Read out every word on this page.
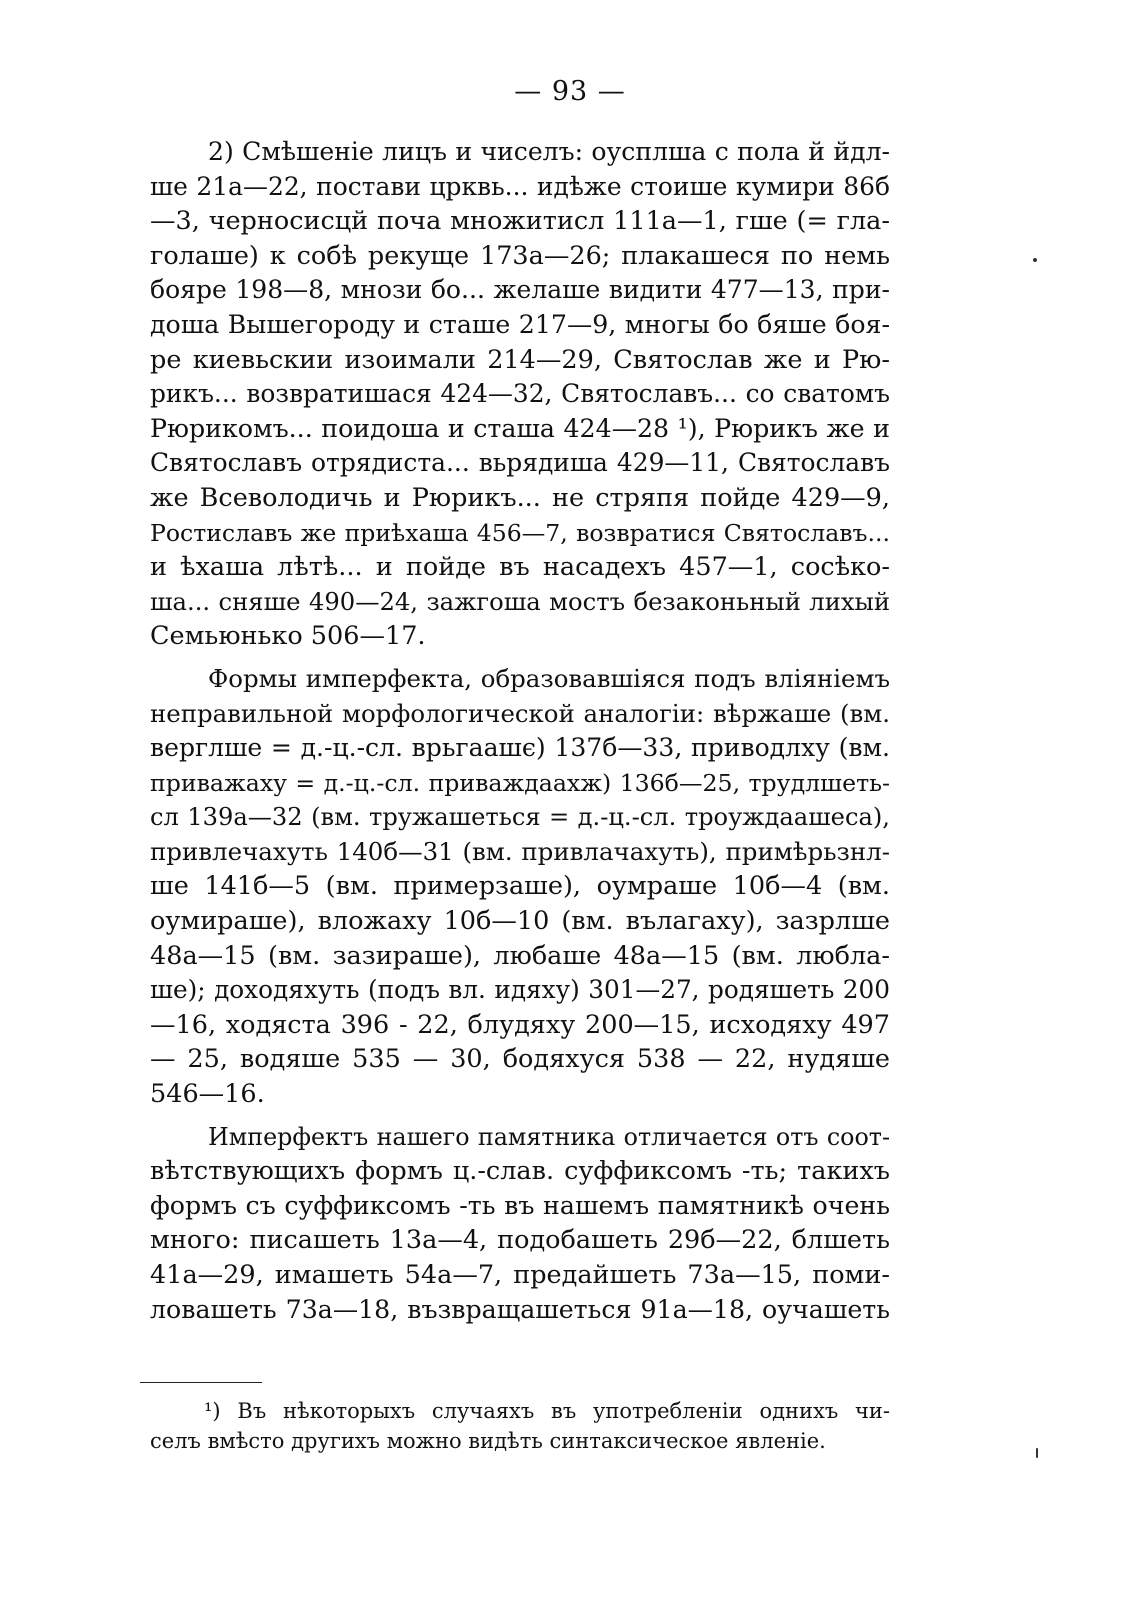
— 93 —
2) Смѣшеніе лицъ и чиселъ: оусплша с пола й йдл-
ше 21а—22, постави црквь... идѣже стоише кумири 86б
—3, черносисцй поча множитисл 111а—1, гше (= гла-
голаше) к собѣ рекуще 173а—26; плакашеся по немь
бояре 198—8, мнози бо... желаше видити 477—13, при-
доша Вышегороду и сташе 217—9, многы бо бяше боя-
ре киевьскии изоимали 214—29, Святослав же и Рю-
рикъ... возвратишася 424—32, Святославъ... со сватомъ
Рюрикомъ... поидоша и сташа 424—28 ¹), Рюрикъ же и
Святославъ отрядиста... вьрядиша 429—11, Святославъ
же Всеволодичь и Рюрикъ... не стряпя пойде 429—9,
Ростиславъ же приѣхаша 456—7, возвратися Святославъ...
и ѣхаша лѣтѣ... и пойде въ насадехъ 457—1, сосѣко-
ша... сняше 490—24, зажгоша мостъ безаконьный лихый
Семьюнько 506—17.
Формы имперфекта, образовавшіяся подъ вліяніемъ
неправильной морфологической аналогіи: вѣржаше (вм.
верглше = д.-ц.-сл. врьгаашє) 137б—33, приводлху (вм.
приважаху = д.-ц.-сл. приваждаахж) 136б—25, трудлшеть-
сл 139а—32 (вм. тружашеться = д.-ц.-сл. троуждаашеса),
привлечахуть 140б—31 (вм. привлачахуть), примѣрьзнл-
ше 141б—5 (вм. примерзаше), оумраше 10б—4 (вм.
оумираше), вложаху 10б—10 (вм. вълагаху), зазрлше
48а—15 (вм. зазираше), любаше 48а—15 (вм. любла-
ше); доходяхуть (подъ вл. идяху) 301—27, родяшеть 200
—16, ходяста 396 - 22, блудяху 200—15, исходяху 497
— 25, водяше 535 — 30, бодяхуся 538 — 22, нудяше
546—16.
Имперфектъ нашего памятника отличается отъ соот-
вѣтствующихъ формъ ц.-слав. суффиксомъ -ть; такихъ
формъ съ суффиксомъ -ть въ нашемъ памятникѣ очень
много: писашеть 13а—4, подобашеть 29б—22, блшеть
41а—29, имашеть 54а—7, предайшеть 73а—15, поми-
ловашеть 73а—18, възвращашеться 91а—18, оучашеть
¹) Въ нѣкоторыхъ случаяхъ въ употребленіи однихъ чи-
селъ вмѣсто другихъ можно видѣть синтаксическое явленіе.
